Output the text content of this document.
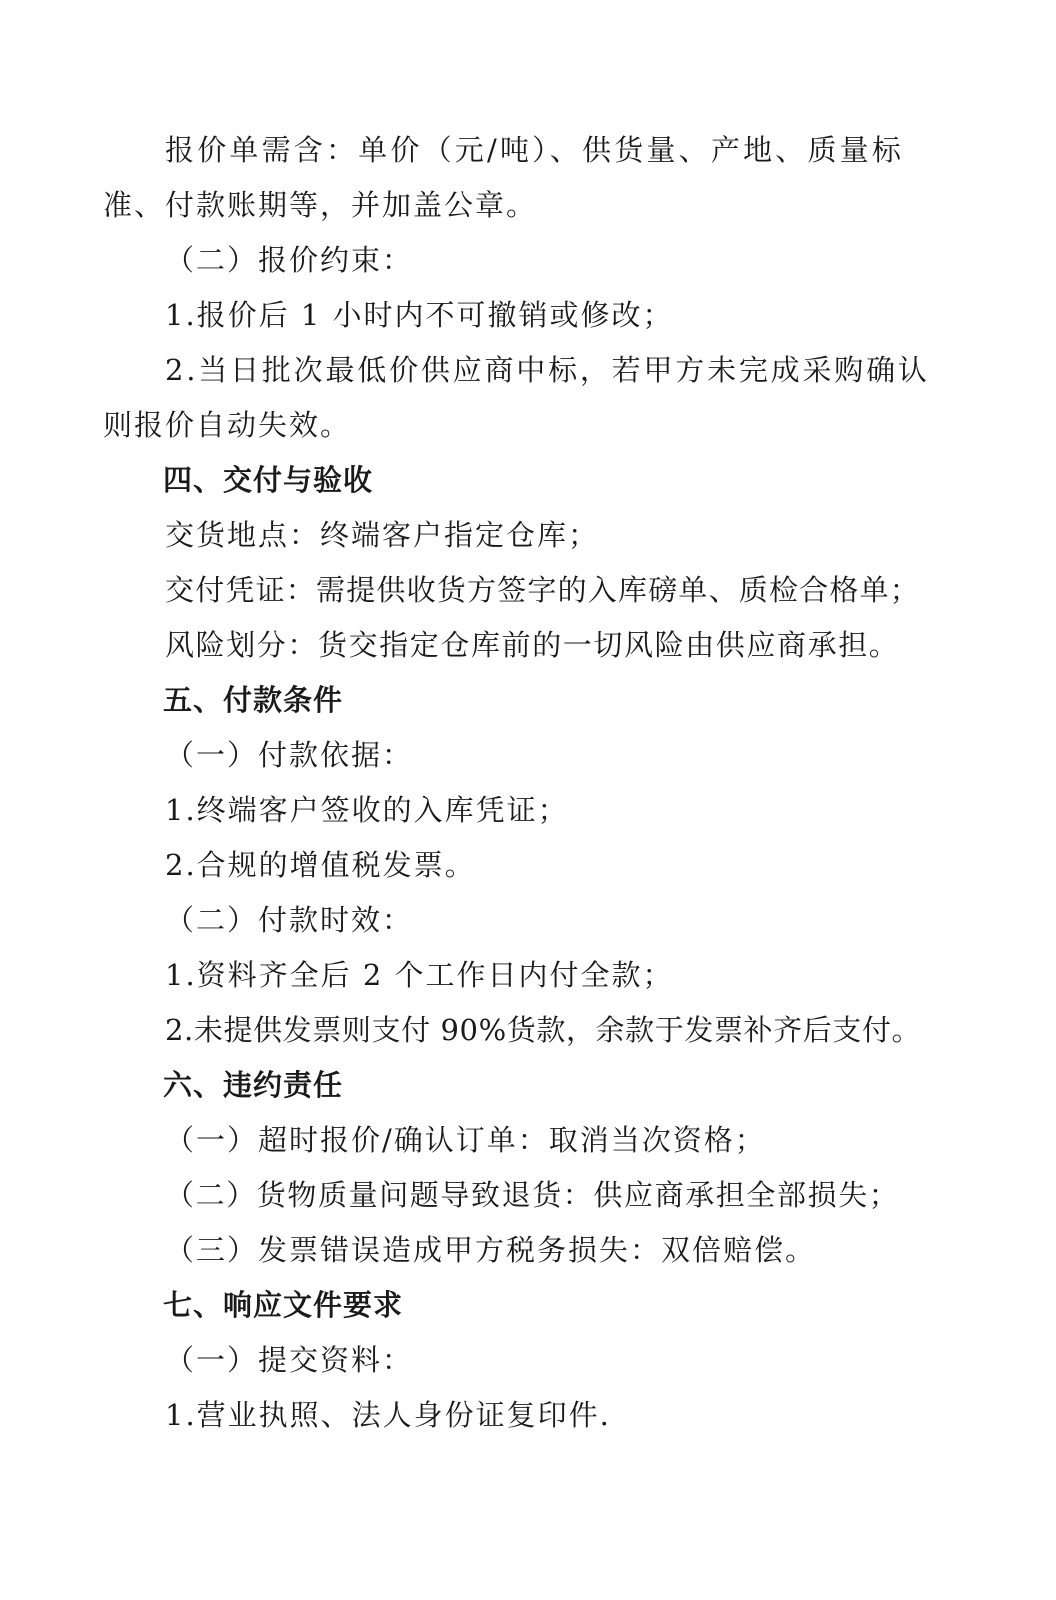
报价单需含：单价（元/吨）、供货量、产地、质量标
准、付款账期等，并加盖公章。
（二）报价约束：
1.报价后 1 小时内不可撤销或修改；
2.当日批次最低价供应商中标，若甲方未完成采购确认
则报价自动失效。
四、交付与验收
交货地点：终端客户指定仓库；
交付凭证：需提供收货方签字的入库磅单、质检合格单；
风险划分：货交指定仓库前的一切风险由供应商承担。
五、付款条件
（一）付款依据：
1.终端客户签收的入库凭证；
2.合规的增值税发票。
（二）付款时效：
1.资料齐全后 2 个工作日内付全款；
2.未提供发票则支付 90%货款，余款于发票补齐后支付。
六、违约责任
（一）超时报价/确认订单：取消当次资格；
（二）货物质量问题导致退货：供应商承担全部损失；
（三）发票错误造成甲方税务损失：双倍赔偿。
七、响应文件要求
（一）提交资料：
1.营业执照、法人身份证复印件.
